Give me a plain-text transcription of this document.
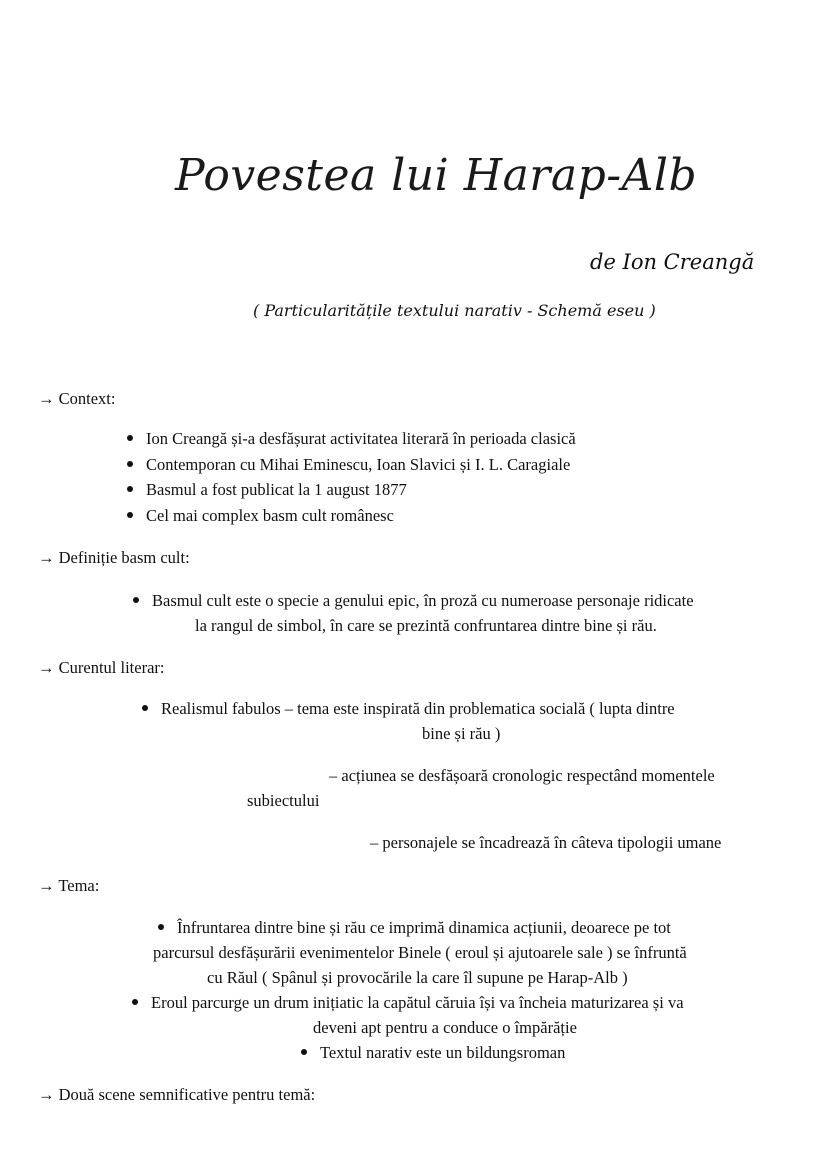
Povestea lui Harap-Alb
de Ion Creangă
( Particularitățile textului narativ - Schemă eseu )
→ Context:
Ion Creangă și-a desfășurat activitatea literară în perioada clasică
Contemporan cu Mihai Eminescu, Ioan Slavici și I. L. Caragiale
Basmul a fost publicat la 1 august 1877
Cel mai complex basm cult românesc
→ Definiție basm cult:
Basmul cult este o specie a genului epic, în proză cu numeroase personaje ridicate
la rangul de simbol, în care se prezintă confruntarea dintre bine și rău.
→ Curentul literar:
Realismul fabulos – tema este inspirată din problematica socială ( lupta dintre
bine și rău )
– acțiunea se desfășoară cronologic respectând momentele
subiectului
– personajele se încadrează în câteva tipologii umane
→ Tema:
Înfruntarea dintre bine și rău ce imprimă dinamica acțiunii, deoarece pe tot
parcursul desfășurării evenimentelor Binele ( eroul și ajutoarele sale ) se înfruntă
cu Răul ( Spânul și provocările la care îl supune pe Harap-Alb )
Eroul parcurge un drum inițiatic la capătul căruia își va încheia maturizarea și va
deveni apt pentru a conduce o împărăție
Textul narativ este un bildungsroman
→ Două scene semnificative pentru temă:
